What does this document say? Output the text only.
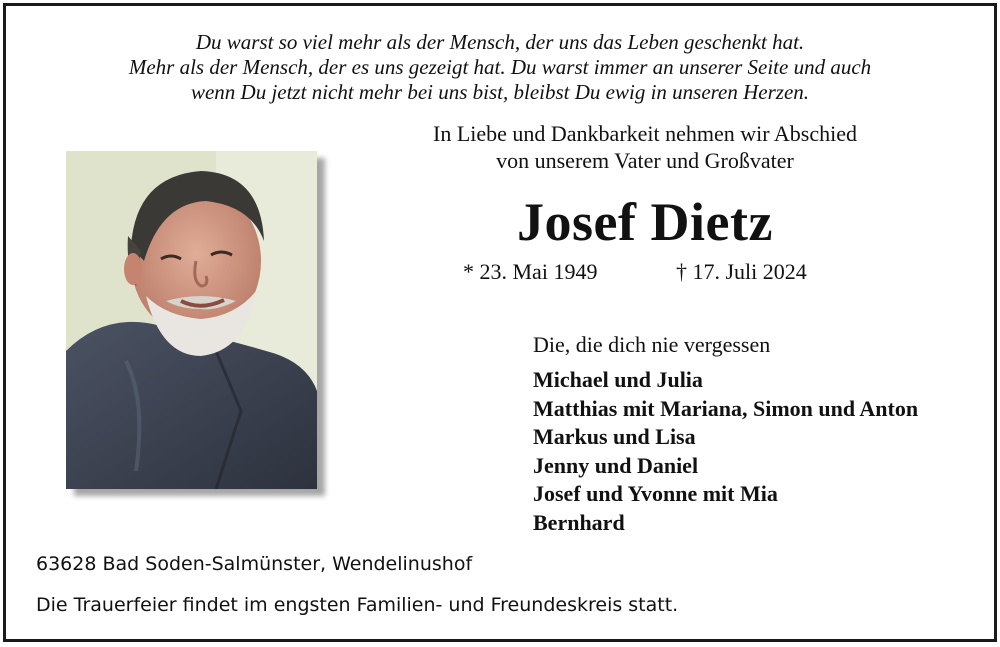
Du warst so viel mehr als der Mensch, der uns das Leben geschenkt hat.
Mehr als der Mensch, der es uns gezeigt hat. Du warst immer an unserer Seite und auch
wenn Du jetzt nicht mehr bei uns bist, bleibst Du ewig in unseren Herzen.
In Liebe und Dankbarkeit nehmen wir Abschied
von unserem Vater und Großvater
Josef Dietz
* 23. Mai 1949	† 17. Juli 2024
Die, die dich nie vergessen
Michael und Julia
Matthias mit Mariana, Simon und Anton
Markus und Lisa
Jenny und Daniel
Josef und Yvonne mit Mia
Bernhard
63628 Bad Soden-Salmünster, Wendelinushof
Die Trauerfeier findet im engsten Familien- und Freundeskreis statt.
